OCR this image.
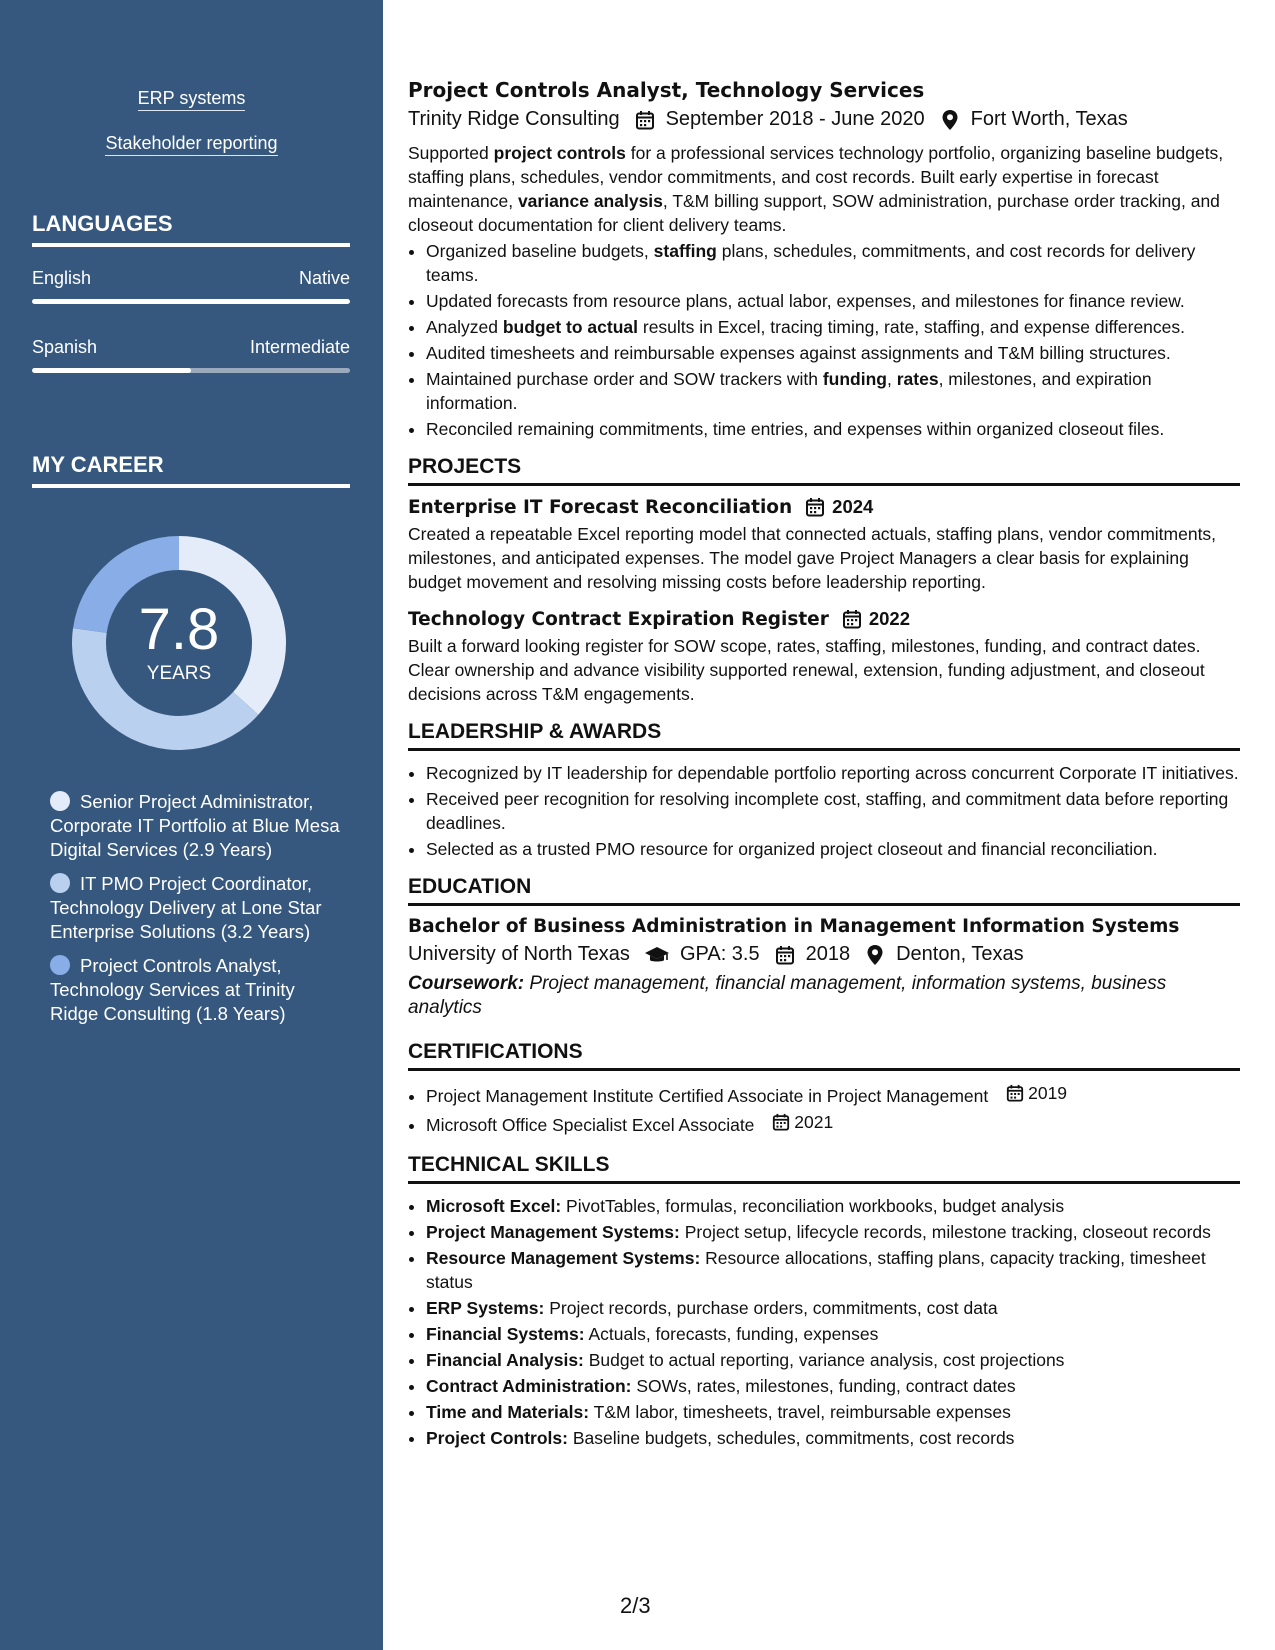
ERP systems
Stakeholder reporting
LANGUAGES
English	Native
Spanish	Intermediate
MY CAREER
7.8
YEARS
Senior Project Administrator, Corporate IT Portfolio at Blue Mesa Digital Services (2.9 Years)
IT PMO Project Coordinator, Technology Delivery at Lone Star Enterprise Solutions (3.2 Years)
Project Controls Analyst, Technology Services at Trinity Ridge Consulting (1.8 Years)
Project Controls Analyst, Technology Services
Trinity Ridge Consulting September 2018 - June 2020 Fort Worth, Texas

Supported project controls for a professional services technology portfolio, organizing baseline budgets, staffing plans, schedules, vendor commitments, and cost records. Built early expertise in forecast maintenance, variance analysis, T&M billing support, SOW administration, purchase order tracking, and closeout documentation for client delivery teams.

• Organized baseline budgets, staffing plans, schedules, commitments, and cost records for delivery teams.
• Updated forecasts from resource plans, actual labor, expenses, and milestones for finance review.
• Analyzed budget to actual results in Excel, tracing timing, rate, staffing, and expense differences.
• Audited timesheets and reimbursable expenses against assignments and T&M billing structures.
• Maintained purchase order and SOW trackers with funding, rates, milestones, and expiration information.
• Reconciled remaining commitments, time entries, and expenses within organized closeout files.
PROJECTS
Enterprise IT Forecast Reconciliation 2024

Created a repeatable Excel reporting model that connected actuals, staffing plans, vendor commitments, milestones, and anticipated expenses. The model gave Project Managers a clear basis for explaining budget movement and resolving missing costs before leadership reporting.

Technology Contract Expiration Register 2022

Built a forward looking register for SOW scope, rates, staffing, milestones, funding, and contract dates. Clear ownership and advance visibility supported renewal, extension, funding adjustment, and closeout decisions across T&M engagements.

LEADERSHIP & AWARDS
• Recognized by IT leadership for dependable portfolio reporting across concurrent Corporate IT initiatives.
• Received peer recognition for resolving incomplete cost, staffing, and commitment data before reporting deadlines.
• Selected as a trusted PMO resource for organized project closeout and financial reconciliation.
EDUCATION
Bachelor of Business Administration in Management Information Systems
University of North Texas	GPA: 3.5 2018 Denton, Texas
Coursework: Project management, financial management, information systems, business analytics
CERTIFICATIONS
• Project Management Institute Certified Associate in Project Management 2019
• Microsoft Office Specialist Excel Associate 2021
TECHNICAL SKILLS
• Microsoft Excel: PivotTables, formulas, reconciliation workbooks, budget analysis
• Project Management Systems: Project setup, lifecycle records, milestone tracking, closeout records
• Resource Management Systems: Resource allocations, staffing plans, capacity tracking, timesheet status
• ERP Systems: Project records, purchase orders, commitments, cost data
• Financial Systems: Actuals, forecasts, funding, expenses
• Financial Analysis: Budget to actual reporting, variance analysis, cost projections
• Contract Administration: SOWs, rates, milestones, funding, contract dates
• Time and Materials: T&M labor, timesheets, travel, reimbursable expenses
• Project Controls: Baseline budgets, schedules, commitments, cost records
2/3
